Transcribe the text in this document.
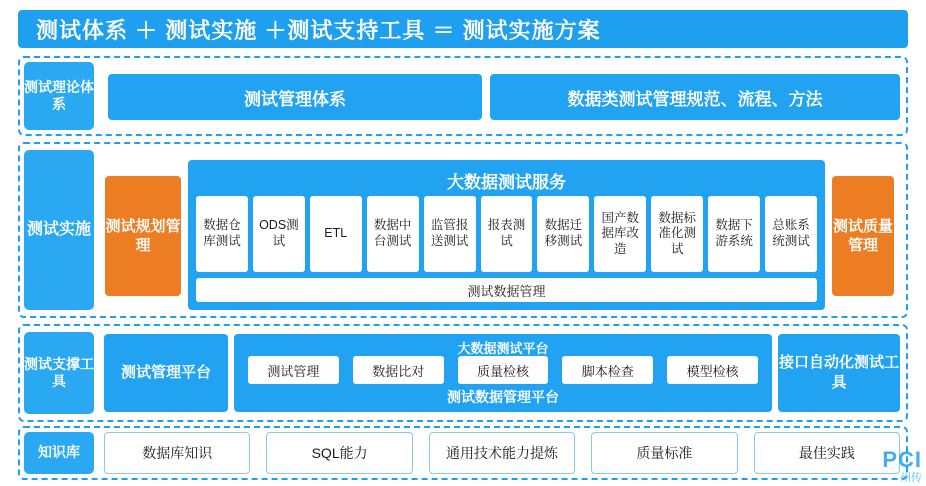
测试体系 ＋ 测试实施 ＋测试支持工具 ＝ 测试实施方案
测试理论体系	测试管理体系	数据类测试管理规范、流程、方法
测试实施 测试规划管理
测试质量管理
大数据测试服务
数据仓库测试
ODS测试
ETL
数据中台测试
监管报送测试
报表测试
数据迁移测试
国产数据库改造
数据标准化测试
数据下游系统
总账系统测试
测试数据管理
测试支撑工具
测试管理平台
大数据测试平台
测试管理	数据比对	质量检核	脚本检查	模型检核
测试数据管理平台
接口自动化测试工具
知识库	数据库知识	SQL能力	通用技术能力提炼	质量标准	最佳实践	PCI
州传
